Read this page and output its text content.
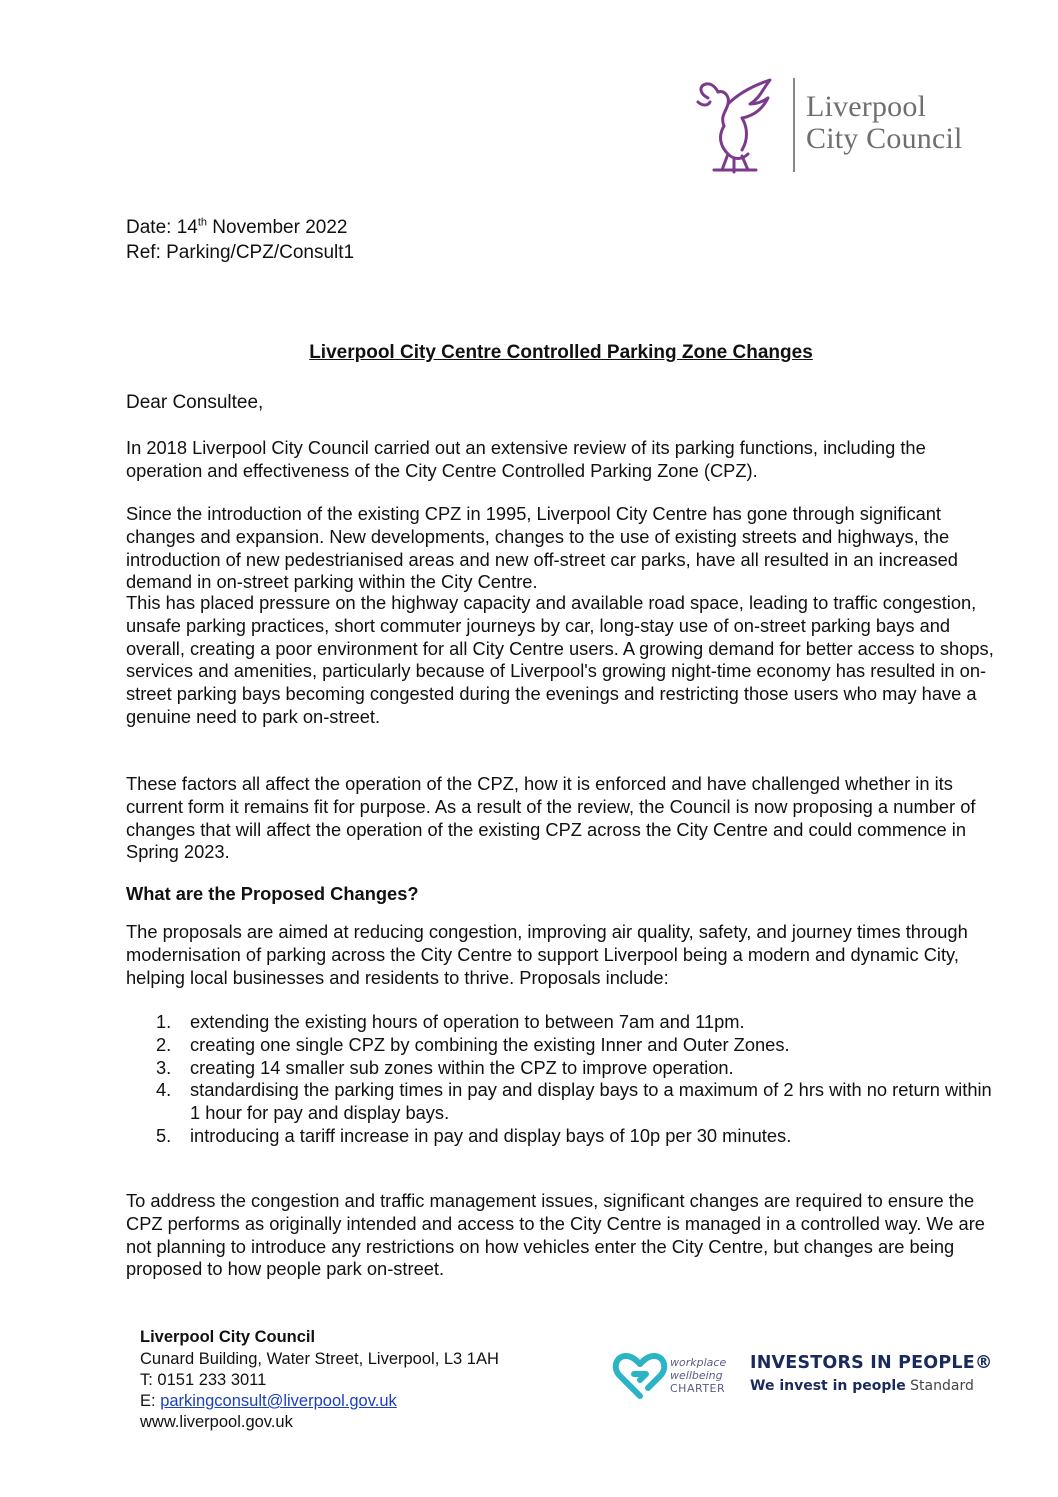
Liverpool
City Council
Date: 14th November 2022
Ref: Parking/CPZ/Consult1
Liverpool City Centre Controlled Parking Zone Changes
Dear Consultee,

In 2018 Liverpool City Council carried out an extensive review of its parking functions, including the operation and effectiveness of the City Centre Controlled Parking Zone (CPZ).

Since the introduction of the existing CPZ in 1995, Liverpool City Centre has gone through significant changes and expansion. New developments, changes to the use of existing streets and highways, the introduction of new pedestrianised areas and new off-street car parks, have all resulted in an increased demand in on-street parking within the City Centre.

This has placed pressure on the highway capacity and available road space, leading to traffic congestion, unsafe parking practices, short commuter journeys by car, long-stay use of on-street parking bays and overall, creating a poor environment for all City Centre users. A growing demand for better access to shops, services and amenities, particularly because of Liverpool's growing night-time economy has resulted in on-street parking bays becoming congested during the evenings and restricting those users who may have a genuine need to park on-street.

These factors all affect the operation of the CPZ, how it is enforced and have challenged whether in its current form it remains fit for purpose. As a result of the review, the Council is now proposing a number of changes that will affect the operation of the existing CPZ across the City Centre and could commence in Spring 2023.

What are the Proposed Changes?

The proposals are aimed at reducing congestion, improving air quality, safety, and journey times through modernisation of parking across the City Centre to support Liverpool being a modern and dynamic City, helping local businesses and residents to thrive. Proposals include:

1.	extending the existing hours of operation to between 7am and 11pm.
2.	creating one single CPZ by combining the existing Inner and Outer Zones.
3.	creating 14 smaller sub zones within the CPZ to improve operation.
4.	standardising the parking times in pay and display bays to a maximum of 2 hrs with no return within 1 hour for pay and display bays.
5.	introducing a tariff increase in pay and display bays of 10p per 30 minutes.

To address the congestion and traffic management issues, significant changes are required to ensure the CPZ performs as originally intended and access to the City Centre is managed in a controlled way. We are not planning to introduce any restrictions on how vehicles enter the City Centre, but changes are being proposed to how people park on-street.

Liverpool City Council
Cunard Building, Water Street, Liverpool, L3 1AH
T: 0151 233 3011
E: parkingconsult@liverpool.gov.uk
www.liverpool.gov.uk
workplace
wellbeing
CHARTER
INVESTORS IN PEOPLE®
We invest in people Standard
